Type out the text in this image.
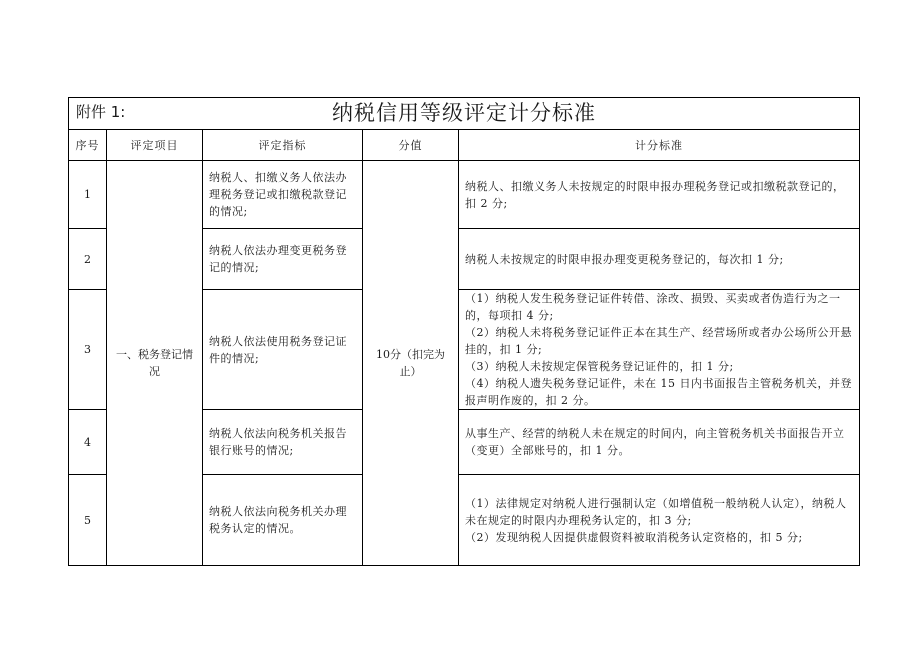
附件 1: 纳税信用等级评定计分标准				

序号	评定项目	评定指标	分值	计分标准
1	一、税务登记情况	纳税人、扣缴义务人依法办理税务登记或扣缴税款登记的情况;	10分（扣完为止）	纳税人、扣缴义务人未按规定的时限申报办理税务登记或扣缴税款登记的，扣 2 分;

2		纳税人依法办理变更税务登记的情况;		纳税人未按规定的时限申报办理变更税务登记的，每次扣 1 分;

3		纳税人依法使用税务登记证件的情况;		（1）纳税人发生税务登记证件转借、涂改、损毁、买卖或者伪造行为之一的，每项扣 4 分;
（2）纳税人未将税务登记证件正本在其生产、经营场所或者办公场所公开悬挂的，扣 1 分;
（3）纳税人未按规定保管税务登记证件的，扣 1 分;
（4）纳税人遗失税务登记证件，未在 15 日内书面报告主管税务机关，并登报声明作废的，扣 2 分。

4		纳税人依法向税务机关报告银行账号的情况;		从事生产、经营的纳税人未在规定的时间内，向主管税务机关书面报告开立（变更）全部账号的，扣 1 分。

5		纳税人依法向税务机关办理税务认定的情况。		（1）法律规定对纳税人进行强制认定（如增值税一般纳税人认定），纳税人未在规定的时限内办理税务认定的，扣 3 分;
（2）发现纳税人因提供虚假资料被取消税务认定资格的，扣 5 分;
